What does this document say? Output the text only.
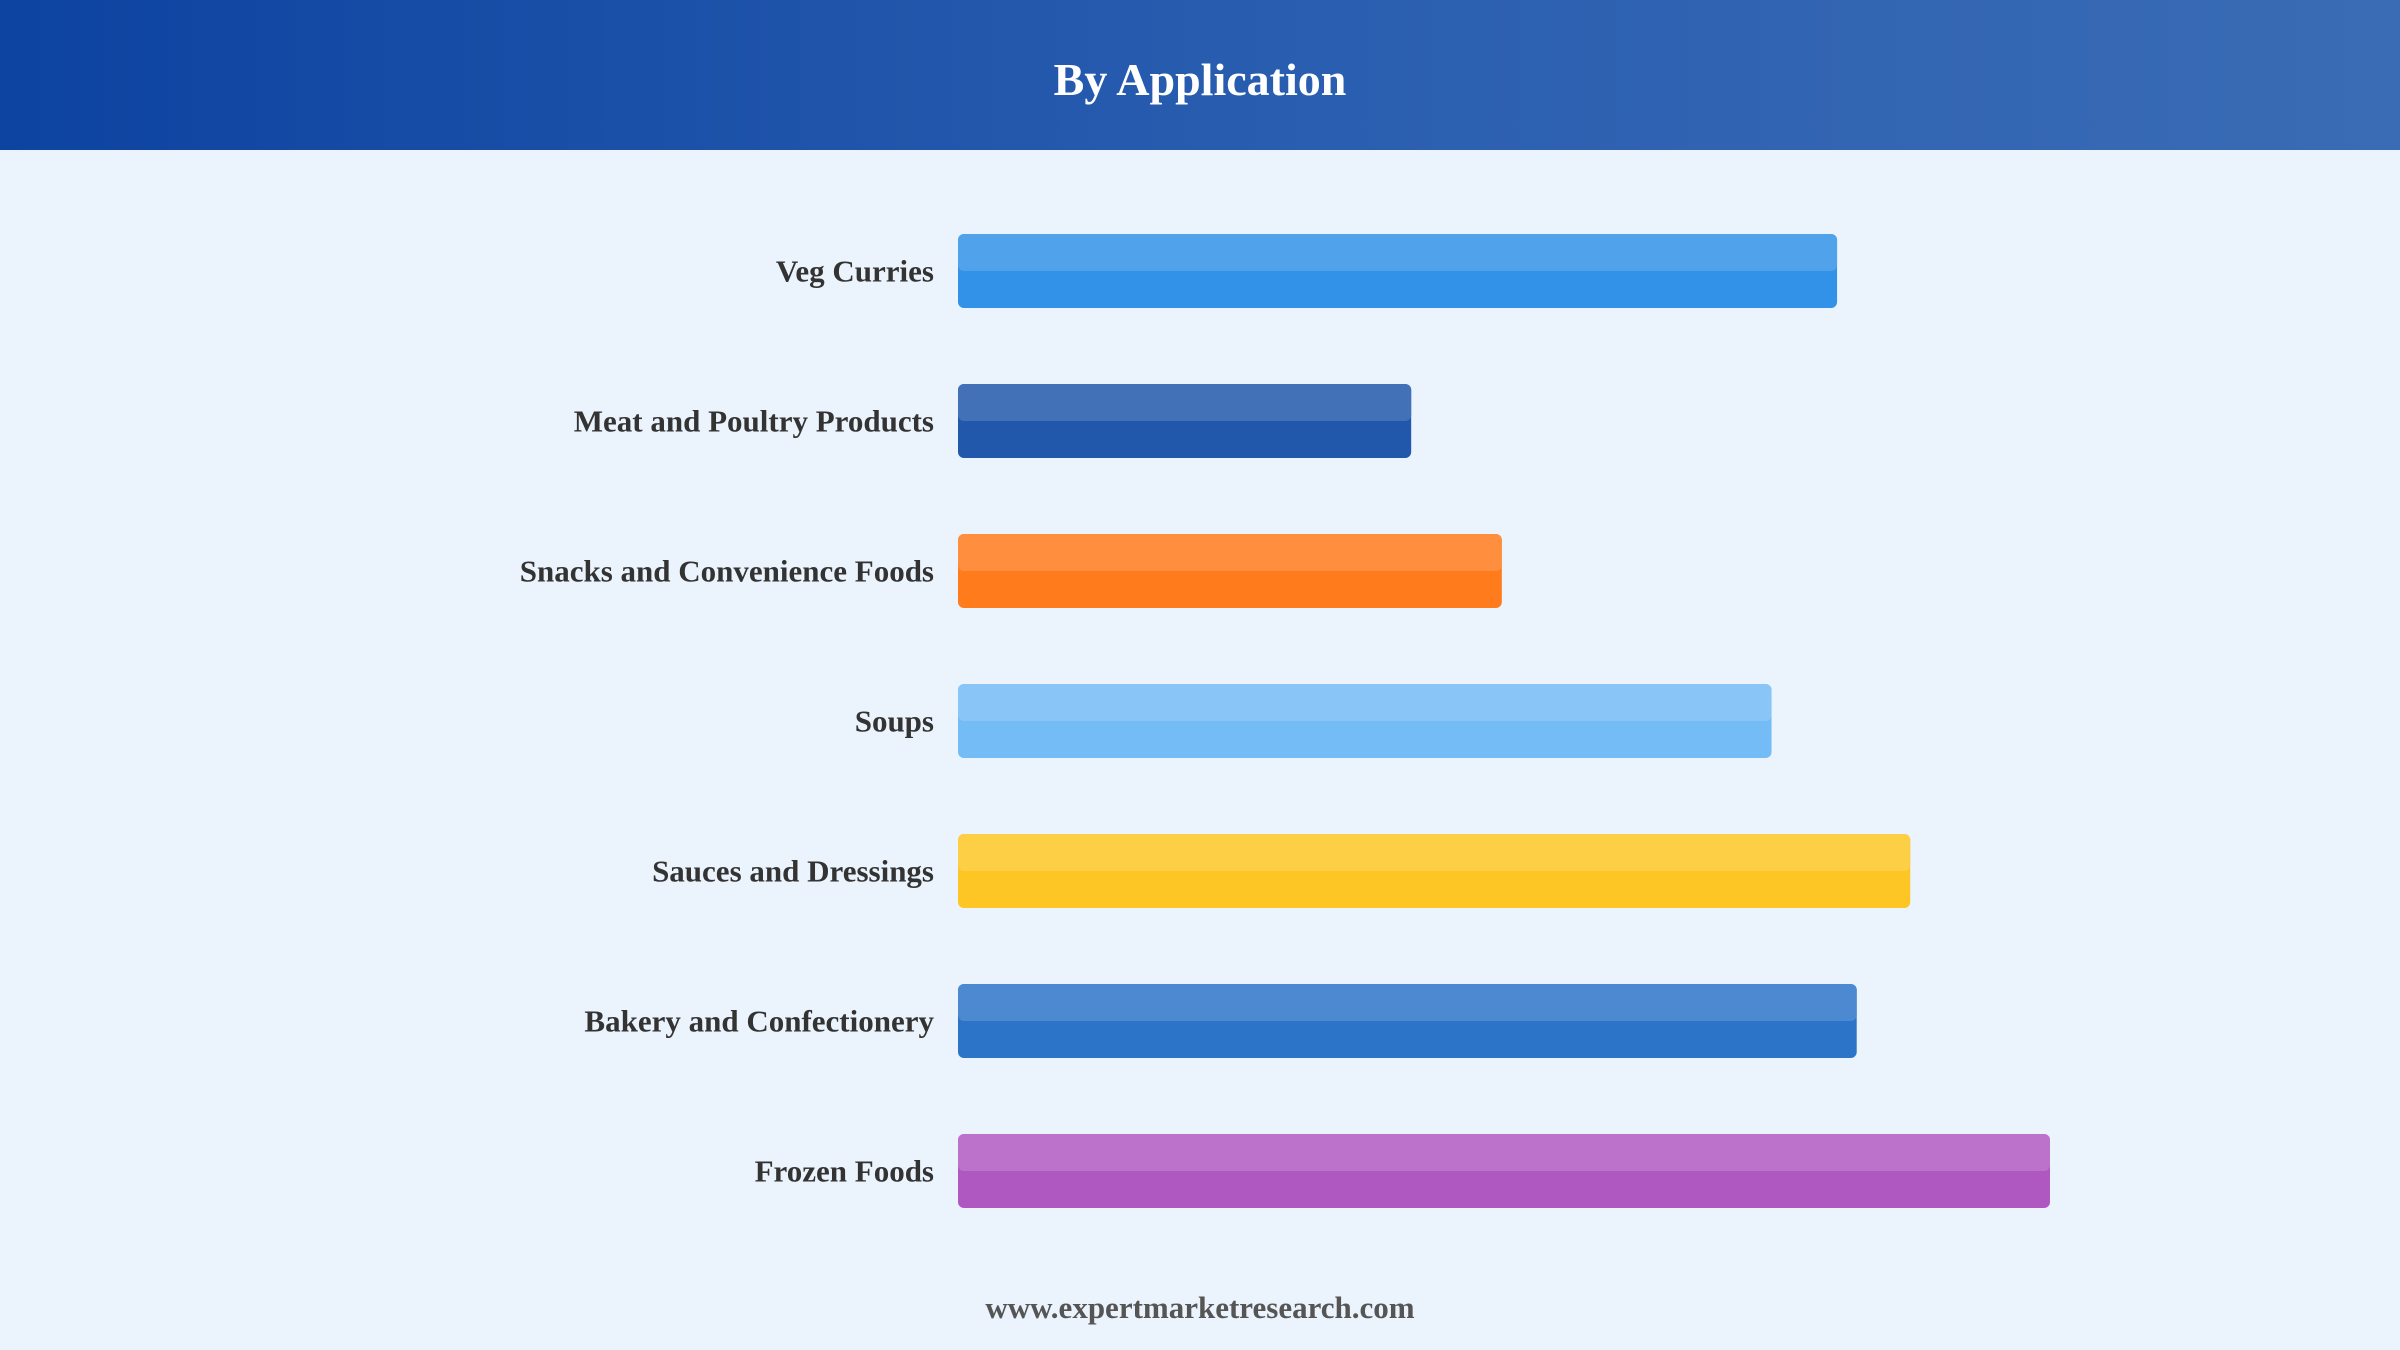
By Application
Veg Curries
Meat and Poultry Products
Snacks and Convenience Foods
Soups
Sauces and Dressings
Bakery and Confectionery
Frozen Foods
www.expertmarketresearch.com
